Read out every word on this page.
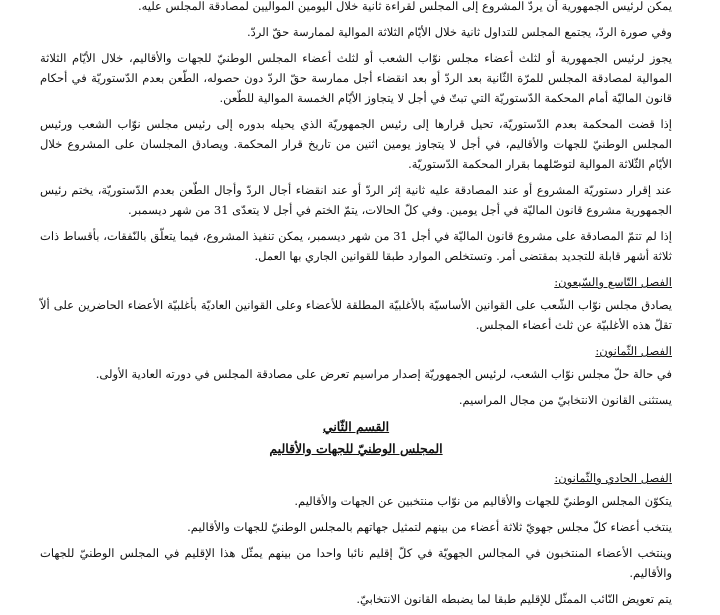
يمكن لرئيس الجمهورية أن يردّ المشروع إلى المجلس لقراءة ثانية خلال اليومين المواليين لمصادقة المجلس عليه.

وفي صورة الردّ، يجتمع المجلس للتداول ثانية خلال الأيّام الثلاثة الموالية لممارسة حقّ الردّ.

يجوز لرئيس الجمهورية أو لثلث أعضاء مجلس نوّاب الشعب أو لثلث أعضاء المجلس الوطنيّ للجهات والأقاليم، خلال الأيّام الثلاثة الموالية لمصادقة المجلس للمرّة الثّانية بعد الردّ أو بعد انقضاء أجل ممارسة حقّ الردّ دون حصوله، الطّعن بعدم الدّستوريّة في أحكام قانون الماليّة أمام المحكمة الدّستوريّة التي تبتّ في أجل لا يتجاوز الأيّام الخمسة الموالية للطّعن.

إذا قضت المحكمة بعدم الدّستوريّة، تحيل قرارها إلى رئيس الجمهوريّة الذي يحيله بدوره إلى رئيس مجلس نوّاب الشعب ورئيس المجلس الوطنيّ للجهات والأقاليم، في أجل لا يتجاوز يومين اثنين من تاريخ قرار المحكمة. ويصادق المجلسان على المشروع خلال الأيّام الثّلاثة الموالية لتوصّلهما بقرار المحكمة الدّستوريّة.

عند إقرار دستوريّة المشروع أو عند المصادقة عليه ثانية إثر الردّ أو عند انقضاء أجال الردّ وأجال الطّعن بعدم الدّستوريّة، يختم رئيس الجمهورية مشروع قانون الماليّة في أجل يومين. وفي كلّ الحالات، يتمّ الختم في أجل لا يتعدّى 31 من شهر ديسمبر.

إذا لم تتمّ المصادقة على مشروع قانون الماليّة في أجل 31 من شهر ديسمبر، يمكن تنفيذ المشروع، فيما يتعلّق بالنّفقات، بأقساط ذات ثلاثة أشهر قابلة للتجديد بمقتضى أمر. وتستخلص الموارد طبقا للقوانين الجاري بها العمل.

الفصل التّاسع والسّبعون:

يصادق مجلس نوّاب الشّعب على القوانين الأساسيّة بالأغلبيّة المطلقة للأعضاء وعلى القوانين العاديّة بأغلبيّة الأعضاء الحاضرين على ألاّ تقلّ هذه الأغلبيّة عن ثلث أعضاء المجلس.

الفصل الثّمانون:

في حالة حلّ مجلس نوّاب الشعب، لرئيس الجمهوريّة إصدار مراسيم تعرض على مصادقة المجلس في دورته العادية الأولى.

يستثنى القانون الانتخابيّ من مجال المراسيم.

القسم الثّاني
المجلس الوطنيّ للجهات والأقاليم
الفصل الحادي والثّمانون:

يتكوّن المجلس الوطنيّ للجهات والأقاليم من نوّاب منتخبين عن الجهات والأقاليم.

ينتخب أعضاء كلّ مجلس جهويّ ثلاثة أعضاء من بينهم لتمثيل جهاتهم بالمجلس الوطنيّ للجهات والأقاليم.

وينتخب الأعضاء المنتخبون في المجالس الجهويّة في كلّ إقليم نائبا واحدا من بينهم يمثّل هذا الإقليم في المجلس الوطنيّ للجهات والأقاليم.

يتم تعويض النّائب الممثّل للإقليم طبقا لما يضبطه القانون الانتخابيّ.
